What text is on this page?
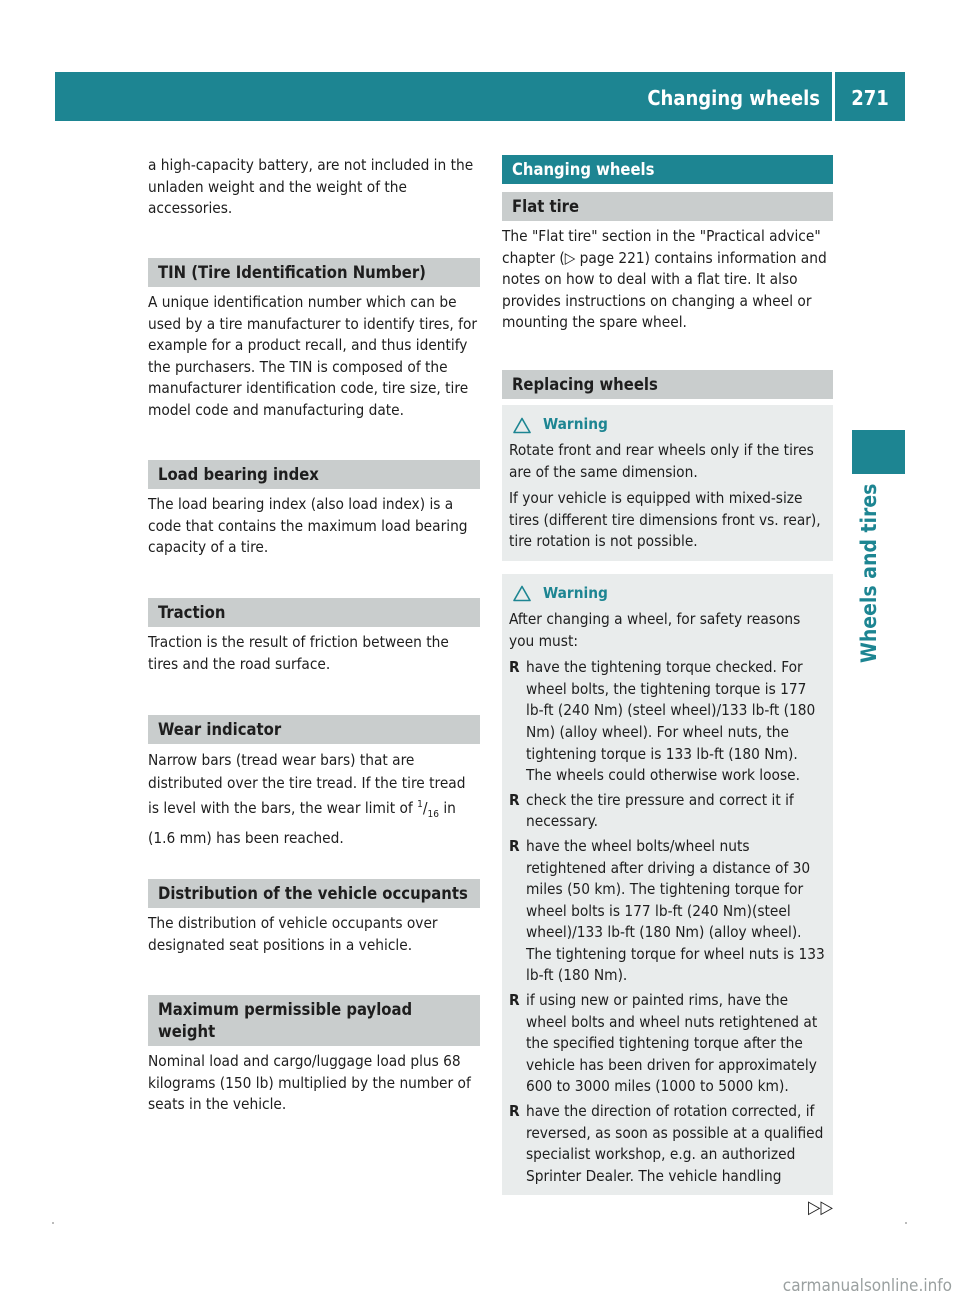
Changing wheels	271
Wheels and tires

a high-capacity battery, are not included in the unladen weight and the weight of the accessories.

TIN (Tire Identification Number)

A unique identification number which can be used by a tire manufacturer to identify tires, for example for a product recall, and thus identify the purchasers. The TIN is composed of the manufacturer identification code, tire size, tire model code and manufacturing date.

Load bearing index

The load bearing index (also load index) is a code that contains the maximum load bearing capacity of a tire.

Traction

Traction is the result of friction between the tires and the road surface.

Wear indicator

Narrow bars (tread wear bars) that are distributed over the tire tread. If the tire tread is level with the bars, the wear limit of $^1/_{16}$ in (1.6 mm) has been reached.

Distribution of the vehicle occupants

The distribution of vehicle occupants over designated seat positions in a vehicle.

Maximum permissible payload weight

Nominal load and cargo/luggage load plus 68 kilograms (150 lb) multiplied by the number of seats in the vehicle.

Changing wheels
Flat tire

The "Flat tire" section in the "Practical advice" chapter (▷ page 221) contains information and notes on how to deal with a flat tire. It also provides instructions on changing a wheel or mounting the spare wheel.

Replacing wheels
Warning

Rotate front and rear wheels only if the tires are of the same dimension.

If your vehicle is equipped with mixed-size tires (different tire dimensions front vs. rear), tire rotation is not possible.

Warning

After changing a wheel, for safety reasons you must:

R have the tightening torque checked. For wheel bolts, the tightening torque is 177 lb-ft (240 Nm) (steel wheel)/133 lb-ft (180 Nm) (alloy wheel). For wheel nuts, the tightening torque is 133 lb-ft (180 Nm). The wheels could otherwise work loose.
R check the tire pressure and correct it if necessary.
R have the wheel bolts/wheel nuts retightened after driving a distance of 30 miles (50 km). The tightening torque for wheel bolts is 177 lb-ft (240 Nm)(steel wheel)/133 lb-ft (180 Nm) (alloy wheel). The tightening torque for wheel nuts is 133 lb-ft (180 Nm).
R if using new or painted rims, have the wheel bolts and wheel nuts retightened at the specified tightening torque after the vehicle has been driven for approximately 600 to 3000 miles (1000 to 5000 km).
R have the direction of rotation corrected, if reversed, as soon as possible at a qualified specialist workshop, e.g. an authorized Sprinter Dealer. The vehicle handling
▷▷
carmanualsonline.info
